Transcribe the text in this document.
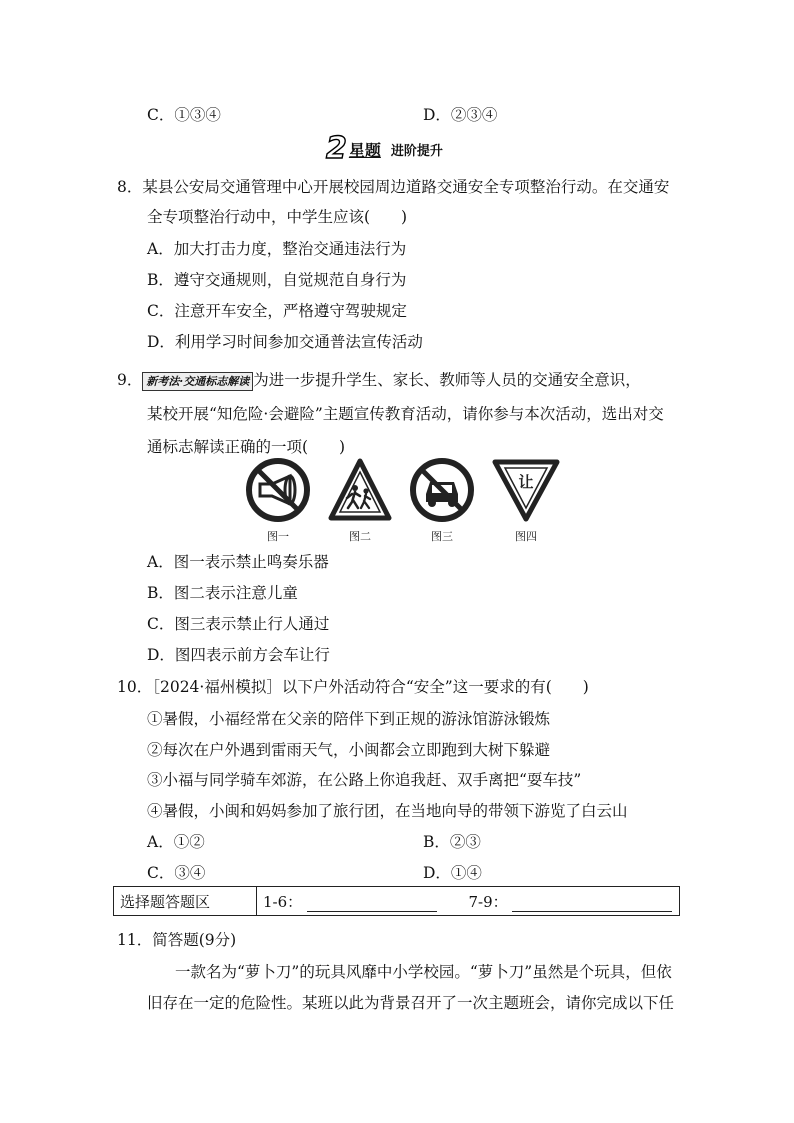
C．①③④	D．②③④
2 星题 进阶提升
8．某县公安局交通管理中心开展校园周边道路交通安全专项整治行动。在交通安
全专项整治行动中，中学生应该(　　)
A．加大打击力度，整治交通违法行为
B．遵守交通规则，自觉规范自身行为
C．注意开车安全，严格遵守驾驶规定
D．利用学习时间参加交通普法宣传活动
9． 新考法·交通标志解读 为进一步提升学生、家长、教师等人员的交通安全意识，
某校开展“知危险·会避险”主题宣传教育活动，请你参与本次活动，选出对交
通标志解读正确的一项(　　)
让
图一	图二	图三	图四
A．图一表示禁止鸣奏乐器
B．图二表示注意儿童
C．图三表示禁止行人通过
D．图四表示前方会车让行
10．［2024·福州模拟］以下户外活动符合“安全”这一要求的有(　　)
①暑假，小福经常在父亲的陪伴下到正规的游泳馆游泳锻炼
②每次在户外遇到雷雨天气，小闽都会立即跑到大树下躲避
③小福与同学骑车郊游，在公路上你追我赶、双手离把“耍车技”
④暑假，小闽和妈妈参加了旅行团，在当地向导的带领下游览了白云山
A．①②	B．②③
C．③④	D．①④
选择题答题区	1-6：	7-9：
11．简答题(9分)
一款名为“萝卜刀”的玩具风靡中小学校园。“萝卜刀”虽然是个玩具，但依
旧存在一定的危险性。某班以此为背景召开了一次主题班会，请你完成以下任
